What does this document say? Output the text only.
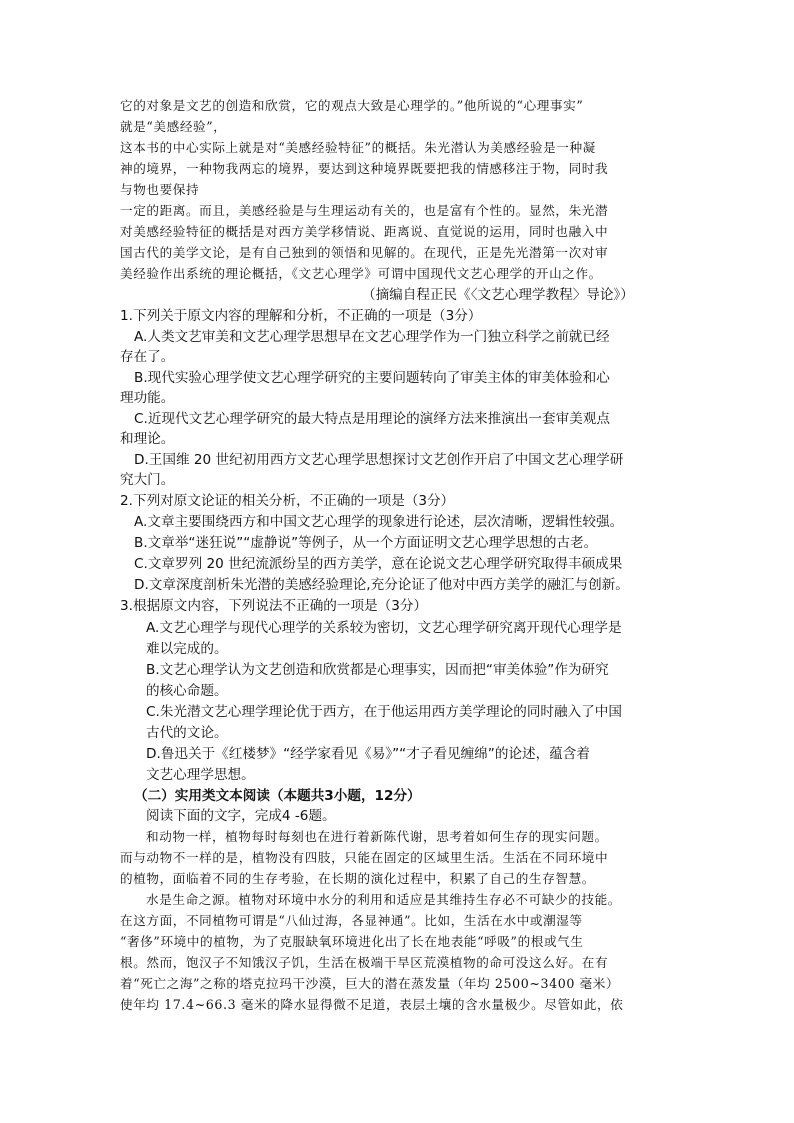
它的对象是文艺的创造和欣赏，它的观点大致是心理学的。”他所说的“心理事实”
就是“美感经验”，
这本书的中心实际上就是对“美感经验特征”的概括。朱光潜认为美感经验是一种凝
神的境界，一种物我两忘的境界，要达到这种境界既要把我的情感移注于物，同时我
与物也要保持
一定的距离。而且，美感经验是与生理运动有关的，也是富有个性的。显然，朱光潜
对美感经验特征的概括是对西方美学移情说、距离说、直觉说的运用，同时也融入中
国古代的美学文论，是有自己独到的领悟和见解的。在现代，正是先光潜第一次对审
美经验作出系统的理论概括，《文艺心理学》可谓中国现代文艺心理学的开山之作。
（摘编自程正民《〈文艺心理学教程〉导论》）
1.下列关于原文内容的理解和分析，不正确的一项是（3分）
A.人类文艺审美和文艺心理学思想早在文艺心理学作为一门独立科学之前就已经
存在了。
B.现代实验心理学使文艺心理学研究的主要问题转向了审美主体的审美体验和心
理功能。
C.近现代文艺心理学研究的最大特点是用理论的演绎方法来推演出一套审美观点
和理论。
D.王国维 20 世纪初用西方文艺心理学思想探讨文艺创作开启了中国文艺心理学研
究大门。
2.下列对原文论证的相关分析，不正确的一项是（3分）
A.文章主要围绕西方和中国文艺心理学的现象进行论述，层次清晰，逻辑性较强。
B.文章举“迷狂说”“虚静说”等例子，从一个方面证明文艺心理学思想的古老。
C.文章罗列 20 世纪流派纷呈的西方美学，意在论说文艺心理学研究取得丰硕成果
D.文章深度剖析朱光潜的美感经验理论,充分论证了他对中西方美学的融汇与创新。
3.根据原文内容，下列说法不正确的一项是（3分）
A.文艺心理学与现代心理学的关系较为密切，文艺心理学研究离开现代心理学是
难以完成的。
B.文艺心理学认为文艺创造和欣赏都是心理事实，因而把“审美体验”作为研究
的核心命题。
C.朱光潜文艺心理学理论优于西方，在于他运用西方美学理论的同时融入了中国
古代的文论。
D.鲁迅关于《红楼梦》“经学家看见《易》”“才子看见缠绵”的论述，蕴含着
文艺心理学思想。
（二）实用类文本阅读（本题共3小题，12分）
阅读下面的文字，完成4 -6题。
和动物一样，植物每时每刻也在进行着新陈代谢，思考着如何生存的现实问题。
而与动物不一样的是，植物没有四肢，只能在固定的区域里生活。生活在不同环境中
的植物，面临着不同的生存考验，在长期的演化过程中，积累了自己的生存智慧。
水是生命之源。植物对环境中水分的利用和适应是其维持生存必不可缺少的技能。
在这方面，不同植物可谓是“八仙过海，各显神通”。比如，生活在水中或潮湿等
“奢侈”环境中的植物，为了克服缺氧环境进化出了长在地表能“呼吸”的根或气生
根。然而，饱汉子不知饿汉子饥，生活在极端干旱区荒漠植物的命可没这么好。在有
着“死亡之海”之称的塔克拉玛干沙漠，巨大的潜在蒸发量（年均 2500~3400 毫米）
使年均 17.4~66.3 毫米的降水显得微不足道，表层土壤的含水量极少。尽管如此，依
